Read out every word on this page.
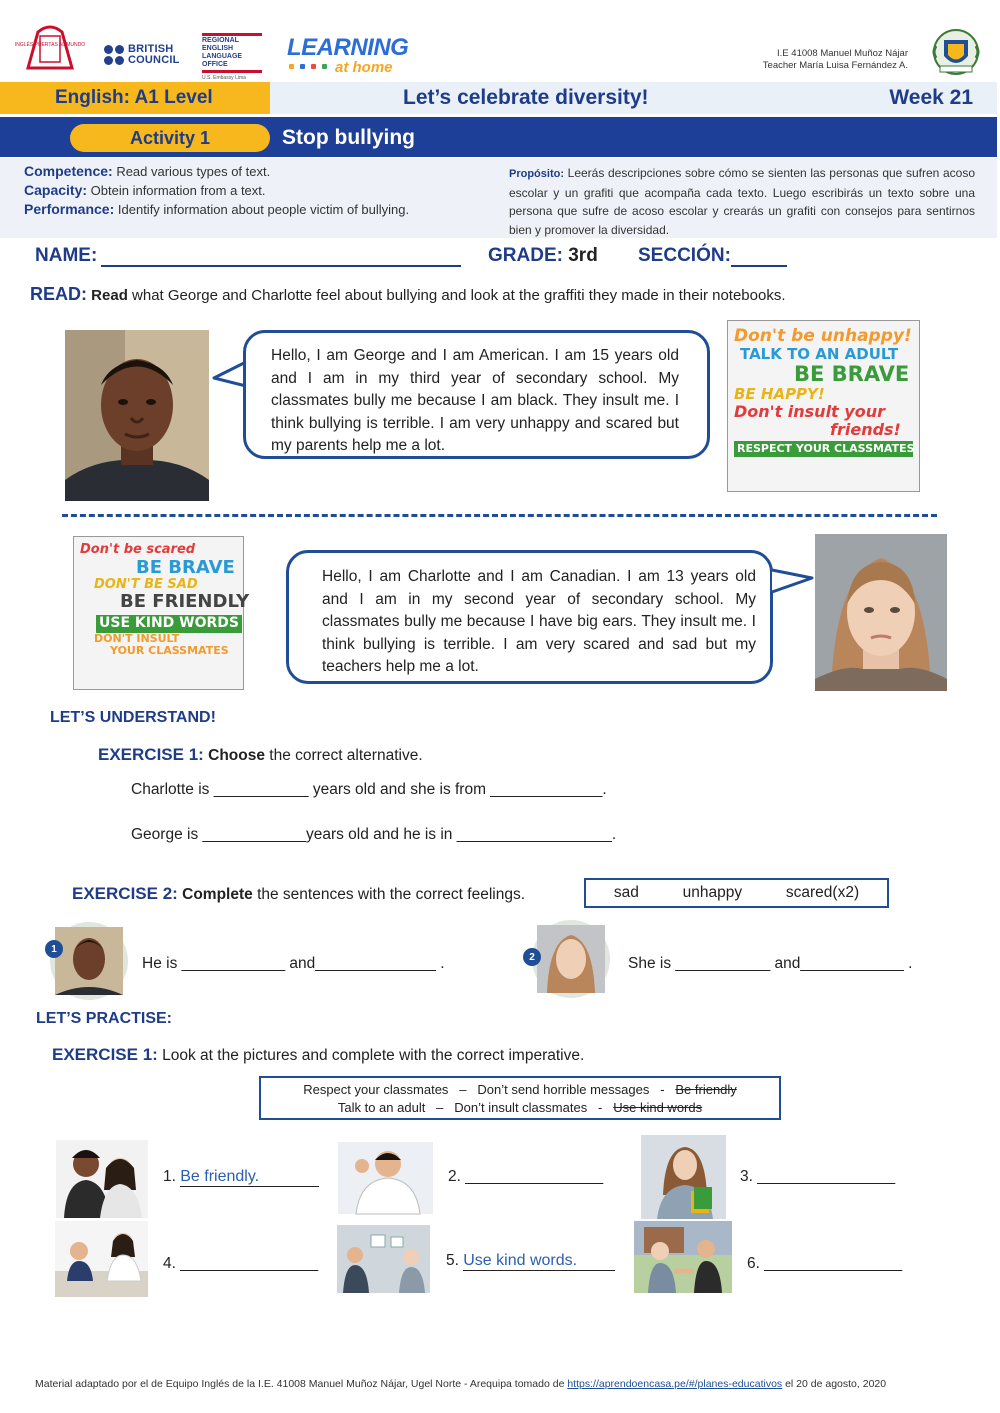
INGLÉS PUERTAS AL MUNDO	BRITISH
COUNCIL
REGIONAL
ENGLISH
LANGUAGE
OFFICE
U.S. Embassy Lima
LEARNING
at home
I.E 41008 Manuel Muñoz Nájar
Teacher María Luisa Fernández A.
English: A1 Level	Let’s celebrate diversity!	Week 21
Activity 1	Stop bullying
Competence: Read various types of text.
Capacity: Obtein information from a text.
Performance: Identify information about people victim of bullying.
Propósito: Leerás descripciones sobre cómo se sienten las personas que sufren acoso escolar y un grafiti que acompaña cada texto. Luego escribirás un texto sobre una persona que sufre de acoso escolar y crearás un grafiti con consejos para sentirnos bien y promover la diversidad.
NAME:	GRADE: 3rd SECCIÓN:
READ: Read what George and Charlotte feel about bullying and look at the graffiti they made in their notebooks.
Hello, I am George and I am American. I am 15 years old and I am in my third year of secondary school. My classmates bully me because I am black. They insult me. I think bullying is terrible. I am very unhappy and scared but my parents help me a lot.
Don't be unhappy!
TALK TO AN ADULT
BE BRAVE
BE HAPPY!
Don't insult your
friends!
RESPECT YOUR CLASSMATES
Don't be scared
BE BRAVE
DON'T BE SAD
BE FRIENDLY
USE KIND WORDS
DON'T INSULT
YOUR CLASSMATES
Hello, I am Charlotte and I am Canadian. I am 13 years old and I am in my second year of secondary school. My classmates bully me because I have big ears. They insult me. I think bullying is terrible. I am very scared and sad but my teachers help me a lot.
LET’S UNDERSTAND!
EXERCISE 1: Choose the correct alternative.
Charlotte is ___________ years old and she is from _____________.
George is ____________years old and he is in __________________.
EXERCISE 2: Complete the sentences with the correct feelings.	sad	unhappy	scared(x2)
1
He is ____________ and______________ .	2	She is ___________ and____________ .
LET’S PRACTISE:
EXERCISE 1: Look at the pictures and complete with the correct imperative.
Respect your classmates – Don’t send horrible messages - Be friendly
Talk to an adult – Don’t insult classmates - Use kind words
1. Be friendly._______	2. ________________	3. ________________
4. ________________	5. Use kind words._	6. ________________
Material adaptado por el de Equipo Inglés de la I.E. 41008 Manuel Muñoz Nájar, Ugel Norte - Arequipa tomado de https://aprendoencasa.pe/#/planes-educativos el 20 de agosto, 2020
